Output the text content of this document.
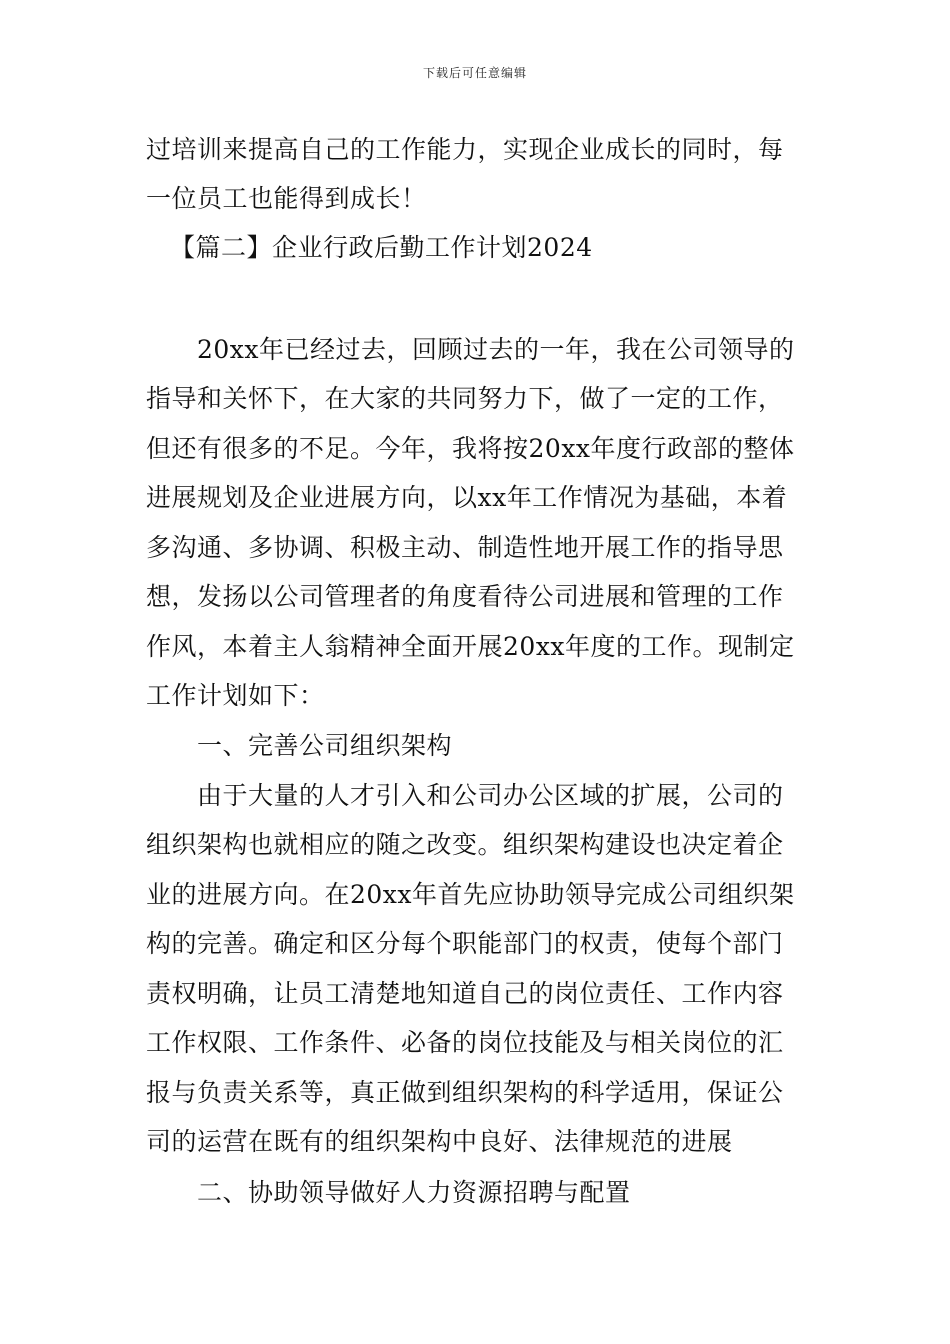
下载后可任意编辑
过培训来提高自己的工作能力，实现企业成长的同时，每
一位员工也能得到成长！
【篇二】企业行政后勤工作计划2024
20xx年已经过去，回顾过去的一年，我在公司领导的
指导和关怀下，在大家的共同努力下，做了一定的工作，
但还有很多的不足。今年，我将按20xx年度行政部的整体
进展规划及企业进展方向，以xx年工作情况为基础，本着
多沟通、多协调、积极主动、制造性地开展工作的指导思
想，发扬以公司管理者的角度看待公司进展和管理的工作
作风，本着主人翁精神全面开展20xx年度的工作。现制定
工作计划如下：
一、完善公司组织架构
由于大量的人才引入和公司办公区域的扩展，公司的
组织架构也就相应的随之改变。组织架构建设也决定着企
业的进展方向。在20xx年首先应协助领导完成公司组织架
构的完善。确定和区分每个职能部门的权责，使每个部门
责权明确，让员工清楚地知道自己的岗位责任、工作内容
工作权限、工作条件、必备的岗位技能及与相关岗位的汇
报与负责关系等，真正做到组织架构的科学适用，保证公
司的运营在既有的组织架构中良好、法律规范的进展
二、协助领导做好人力资源招聘与配置
